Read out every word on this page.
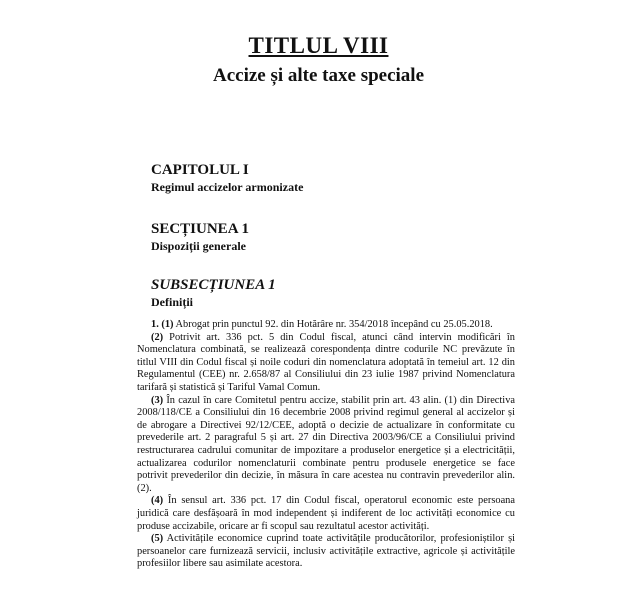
TITLUL VIII
Accize și alte taxe speciale
CAPITOLUL I
Regimul accizelor armonizate
SECȚIUNEA 1
Dispoziții generale
SUBSECȚIUNEA 1
Definiții

1. (1) Abrogat prin punctul 92. din Hotărâre nr. 354/2018 începând cu 25.05.2018.

(2) Potrivit art. 336 pct. 5 din Codul fiscal, atunci când intervin modificări în Nomenclatura combinată, se realizează corespondența dintre codurile NC prevăzute în titlul VIII din Codul fiscal și noile coduri din nomenclatura adoptată în temeiul art. 12 din Regulamentul (CEE) nr. 2.658/87 al Consiliului din 23 iulie 1987 privind Nomenclatura tarifară și statistică și Tariful Vamal Comun.

(3) În cazul în care Comitetul pentru accize, stabilit prin art. 43 alin. (1) din Directiva 2008/118/CE a Consiliului din 16 decembrie 2008 privind regimul general al accizelor și de abrogare a Directivei 92/12/CEE, adoptă o decizie de actualizare în conformitate cu prevederile art. 2 paragraful 5 și art. 27 din Directiva 2003/96/CE a Consiliului privind restructurarea cadrului comunitar de impozitare a produselor energetice și a electricității, actualizarea codurilor nomenclaturii combinate pentru produsele energetice se face potrivit prevederilor din decizie, în măsura în care acestea nu contravin prevederilor alin. (2).

(4) În sensul art. 336 pct. 17 din Codul fiscal, operatorul economic este persoana juridică care desfășoară în mod independent și indiferent de loc activități economice cu produse accizabile, oricare ar fi scopul sau rezultatul acestor activități.

(5) Activitățile economice cuprind toate activitățile producătorilor, profesioniștilor și persoanelor care furnizează servicii, inclusiv activitățile extractive, agricole și activitățile profesiilor libere sau asimilate acestora.
